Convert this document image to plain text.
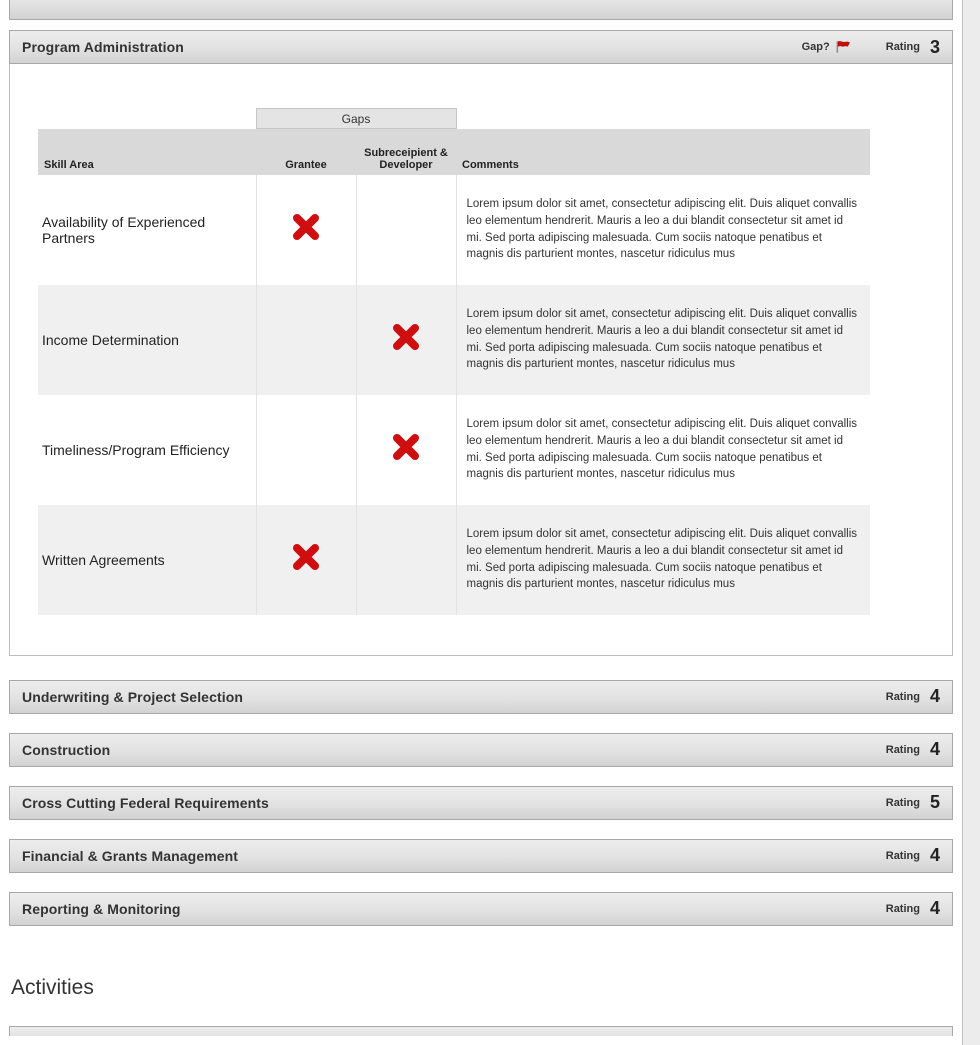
Program Administration	Gap?	Rating 3
	Gaps		
Skill Area	Grantee	Subreceipient & Developer	Comments
Availability of Experienced Partners			Lorem ipsum dolor sit amet, consectetur adipiscing elit. Duis aliquet convallis leo elementum hendrerit. Mauris a leo a dui blandit consectetur sit amet id mi. Sed porta adipiscing malesuada. Cum sociis natoque penatibus et magnis dis parturient montes, nascetur ridiculus mus
Income Determination			Lorem ipsum dolor sit amet, consectetur adipiscing elit. Duis aliquet convallis leo elementum hendrerit. Mauris a leo a dui blandit consectetur sit amet id mi. Sed porta adipiscing malesuada. Cum sociis natoque penatibus et magnis dis parturient montes, nascetur ridiculus mus
Timeliness/Program Efficiency			Lorem ipsum dolor sit amet, consectetur adipiscing elit. Duis aliquet convallis leo elementum hendrerit. Mauris a leo a dui blandit consectetur sit amet id mi. Sed porta adipiscing malesuada. Cum sociis natoque penatibus et magnis dis parturient montes, nascetur ridiculus mus
Written Agreements			Lorem ipsum dolor sit amet, consectetur adipiscing elit. Duis aliquet convallis leo elementum hendrerit. Mauris a leo a dui blandit consectetur sit amet id mi. Sed porta adipiscing malesuada. Cum sociis natoque penatibus et magnis dis parturient montes, nascetur ridiculus mus
Underwriting & Project Selection	Rating 4
Construction	Rating 4
Cross Cutting Federal Requirements	Rating 5
Financial & Grants Management	Rating 4
Reporting & Monitoring	Rating 4
Activities
